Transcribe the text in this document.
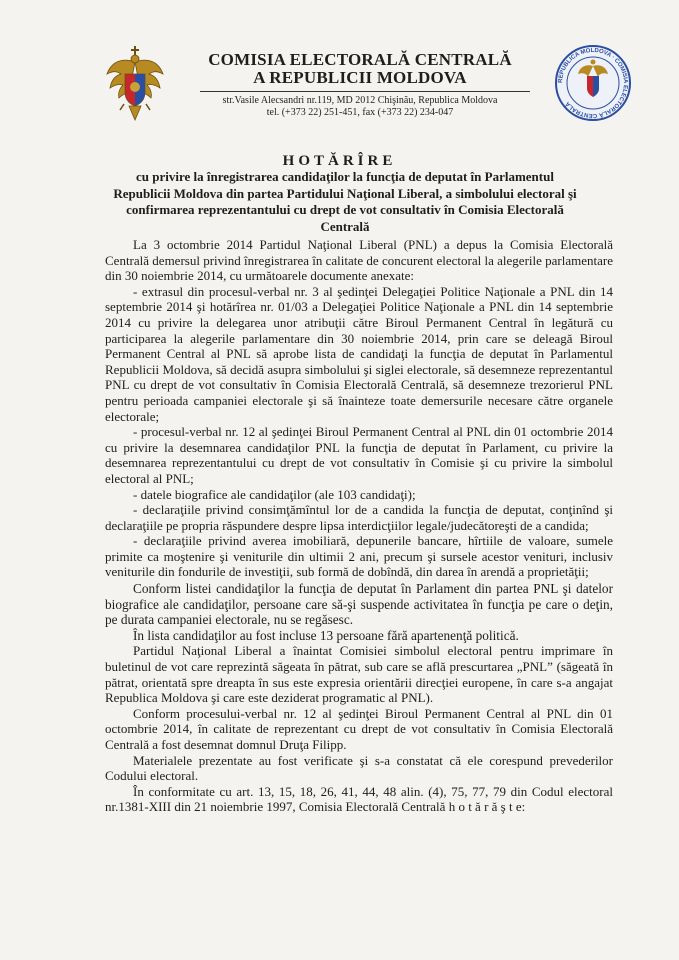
COMISIA ELECTORALĂ CENTRALĂ
A REPUBLICII MOLDOVA
str.Vasile Alecsandri nr.119, MD 2012 Chişinău, Republica Moldova
tel. (+373 22) 251-451, fax (+373 22) 234-047
REPUBLICA MOLDOVA · COMISIA ELECTORALĂ CENTRALĂ
HOTĂRÎRE
cu privire la înregistrarea candidaţilor la funcţia de deputat în Parlamentul Republicii Moldova din partea Partidului Naţional Liberal, a simbolului electoral şi confirmarea reprezentantului cu drept de vot consultativ în Comisia Electorală Centrală

La 3 octombrie 2014 Partidul Naţional Liberal (PNL) a depus la Comisia Electorală Centrală demersul privind înregistrarea în calitate de concurent electoral la alegerile parlamentare din 30 noiembrie 2014, cu următoarele documente anexate:

- extrasul din procesul-verbal nr. 3 al şedinţei Delegaţiei Politice Naţionale a PNL din 14 septembrie 2014 şi hotărîrea nr. 01/03 a Delegaţiei Politice Naţionale a PNL din 14 septembrie 2014 cu privire la delegarea unor atribuţii către Biroul Permanent Central în legătură cu participarea la alegerile parlamentare din 30 noiembrie 2014, prin care se deleagă Biroul Permanent Central al PNL să aprobe lista de candidaţi la funcţia de deputat în Parlamentul Republicii Moldova, să decidă asupra simbolului şi siglei electorale, să desemneze reprezentantul PNL cu drept de vot consultativ în Comisia Electorală Centrală, să desemneze trezorierul PNL pentru perioada campaniei electorale şi să înainteze toate demersurile necesare către organele electorale;

- procesul-verbal nr. 12 al şedinţei Biroul Permanent Central al PNL din 01 octombrie 2014 cu privire la desemnarea candidaţilor PNL la funcţia de deputat în Parlament, cu privire la desemnarea reprezentantului cu drept de vot consultativ în Comisie şi cu privire la simbolul electoral al PNL;

- datele biografice ale candidaţilor (ale 103 candidaţi);

- declaraţiile privind consimţămîntul lor de a candida la funcţia de deputat, conţinînd şi declaraţiile pe propria răspundere despre lipsa interdicţiilor legale/judecătoreşti de a candida;

- declaraţiile privind averea imobiliară, depunerile bancare, hîrtiile de valoare, sumele primite ca moştenire şi veniturile din ultimii 2 ani, precum şi sursele acestor venituri, inclusiv veniturile din fondurile de investiţii, sub formă de dobîndă, din darea în arendă a proprietăţii;

Conform listei candidaţilor la funcţia de deputat în Parlament din partea PNL şi datelor biografice ale candidaţilor, persoane care să-şi suspende activitatea în funcţia pe care o deţin, pe durata campaniei electorale, nu se regăsesc.

În lista candidaţilor au fost incluse 13 persoane fără apartenenţă politică.

Partidul Naţional Liberal a înaintat Comisiei simbolul electoral pentru imprimare în buletinul de vot care reprezintă săgeata în pătrat, sub care se află prescurtarea „PNL” (săgeată în pătrat, orientată spre dreapta în sus este expresia orientării direcţiei europene, în care s-a angajat Republica Moldova şi care este deziderat programatic al PNL).

Conform procesului-verbal nr. 12 al şedinţei Biroul Permanent Central al PNL din 01 octombrie 2014, în calitate de reprezentant cu drept de vot consultativ în Comisia Electorală Centrală a fost desemnat domnul Druţa Filipp.

Materialele prezentate au fost verificate şi s-a constatat că ele corespund prevederilor Codului electoral.

În conformitate cu art. 13, 15, 18, 26, 41, 44, 48 alin. (4), 75, 77, 79 din Codul electoral nr.1381-XIII din 21 noiembrie 1997, Comisia Electorală Centrală h o t ă r ă ş t e:
